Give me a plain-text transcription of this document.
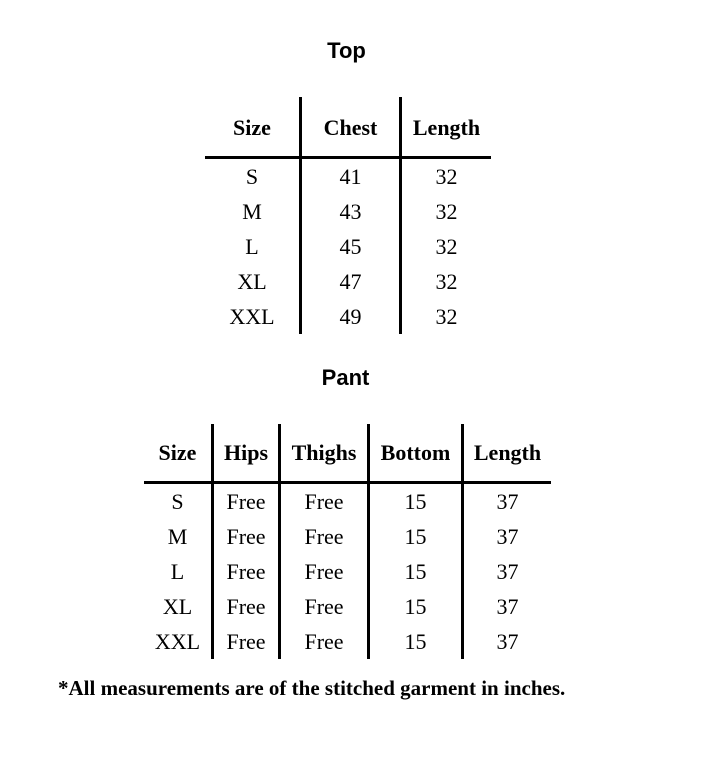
Top
Size	Chest	Length
S	41	32
M	43	32
L	45	32
XL	47	32
XXL	49	32
Pant
Size	Hips	Thighs	Bottom	Length
S	Free	Free	15	37
M	Free	Free	15	37
L	Free	Free	15	37
XL	Free	Free	15	37
XXL	Free	Free	15	37
*All measurements are of the stitched garment in inches.
